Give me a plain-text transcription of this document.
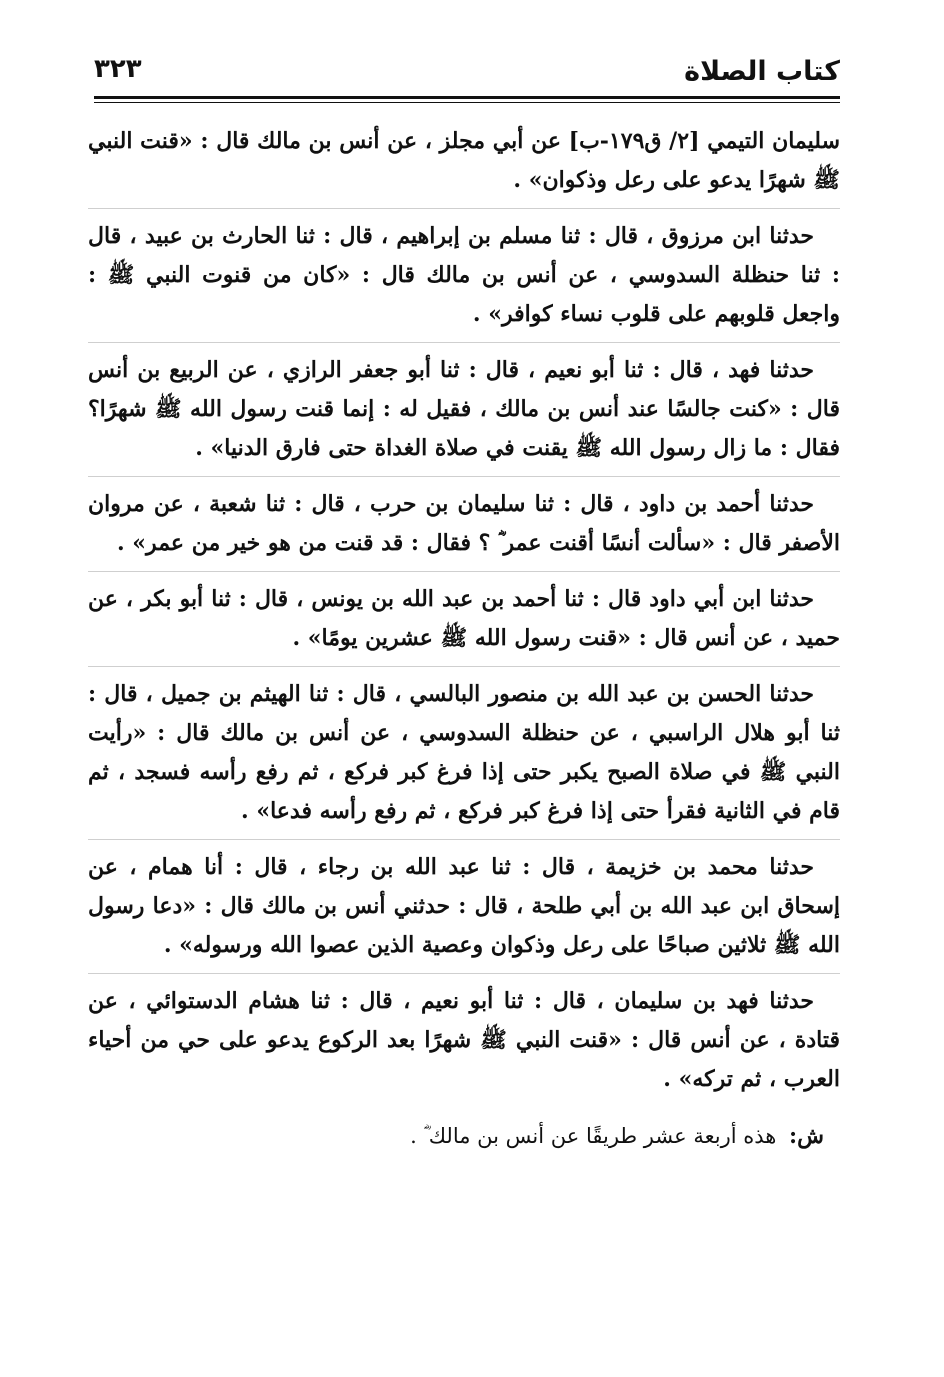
كتاب الصلاة
٣٢٣

سليمان التيمي [٢/ ق١٧٩-ب] عن أبي مجلز ، عن أنس بن مالك قال : «قنت النبي ﷺ شهرًا يدعو على رعل وذكوان» .

حدثنا ابن مرزوق ، قال : ثنا مسلم بن إبراهيم ، قال : ثنا الحارث بن عبيد ، قال : ثنا حنظلة السدوسي ، عن أنس بن مالك قال : «كان من قنوت النبي ﷺ : واجعل قلوبهم على قلوب نساء كوافر» .

حدثنا فهد ، قال : ثنا أبو نعيم ، قال : ثنا أبو جعفر الرازي ، عن الربيع بن أنس قال : «كنت جالسًا عند أنس بن مالك ، فقيل له : إنما قنت رسول الله ﷺ شهرًا؟ فقال : ما زال رسول الله ﷺ يقنت في صلاة الغداة حتى فارق الدنيا» .

حدثنا أحمد بن داود ، قال : ثنا سليمان بن حرب ، قال : ثنا شعبة ، عن مروان الأصفر قال : «سألت أنسًا أقنت عمر ؓ ؟ فقال : قد قنت من هو خير من عمر» .

حدثنا ابن أبي داود قال : ثنا أحمد بن عبد الله بن يونس ، قال : ثنا أبو بكر ، عن حميد ، عن أنس قال : «قنت رسول الله ﷺ عشرين يومًا» .

حدثنا الحسن بن عبد الله بن منصور البالسي ، قال : ثنا الهيثم بن جميل ، قال : ثنا أبو هلال الراسبي ، عن حنظلة السدوسي ، عن أنس بن مالك قال : «رأيت النبي ﷺ في صلاة الصبح يكبر حتى إذا فرغ كبر فركع ، ثم رفع رأسه فسجد ، ثم قام في الثانية فقرأ حتى إذا فرغ كبر فركع ، ثم رفع رأسه فدعا» .

حدثنا محمد بن خزيمة ، قال : ثنا عبد الله بن رجاء ، قال : أنا همام ، عن إسحاق ابن عبد الله بن أبي طلحة ، قال : حدثني أنس بن مالك قال : «دعا رسول الله ﷺ ثلاثين صباحًا على رعل وذكوان وعصية الذين عصوا الله ورسوله» .

حدثنا فهد بن سليمان ، قال : ثنا أبو نعيم ، قال : ثنا هشام الدستوائي ، عن قتادة ، عن أنس قال : «قنت النبي ﷺ شهرًا بعد الركوع يدعو على حي من أحياء العرب ، ثم تركه» .

ش: هذه أربعة عشر طريقًا عن أنس بن مالك ؓ .
